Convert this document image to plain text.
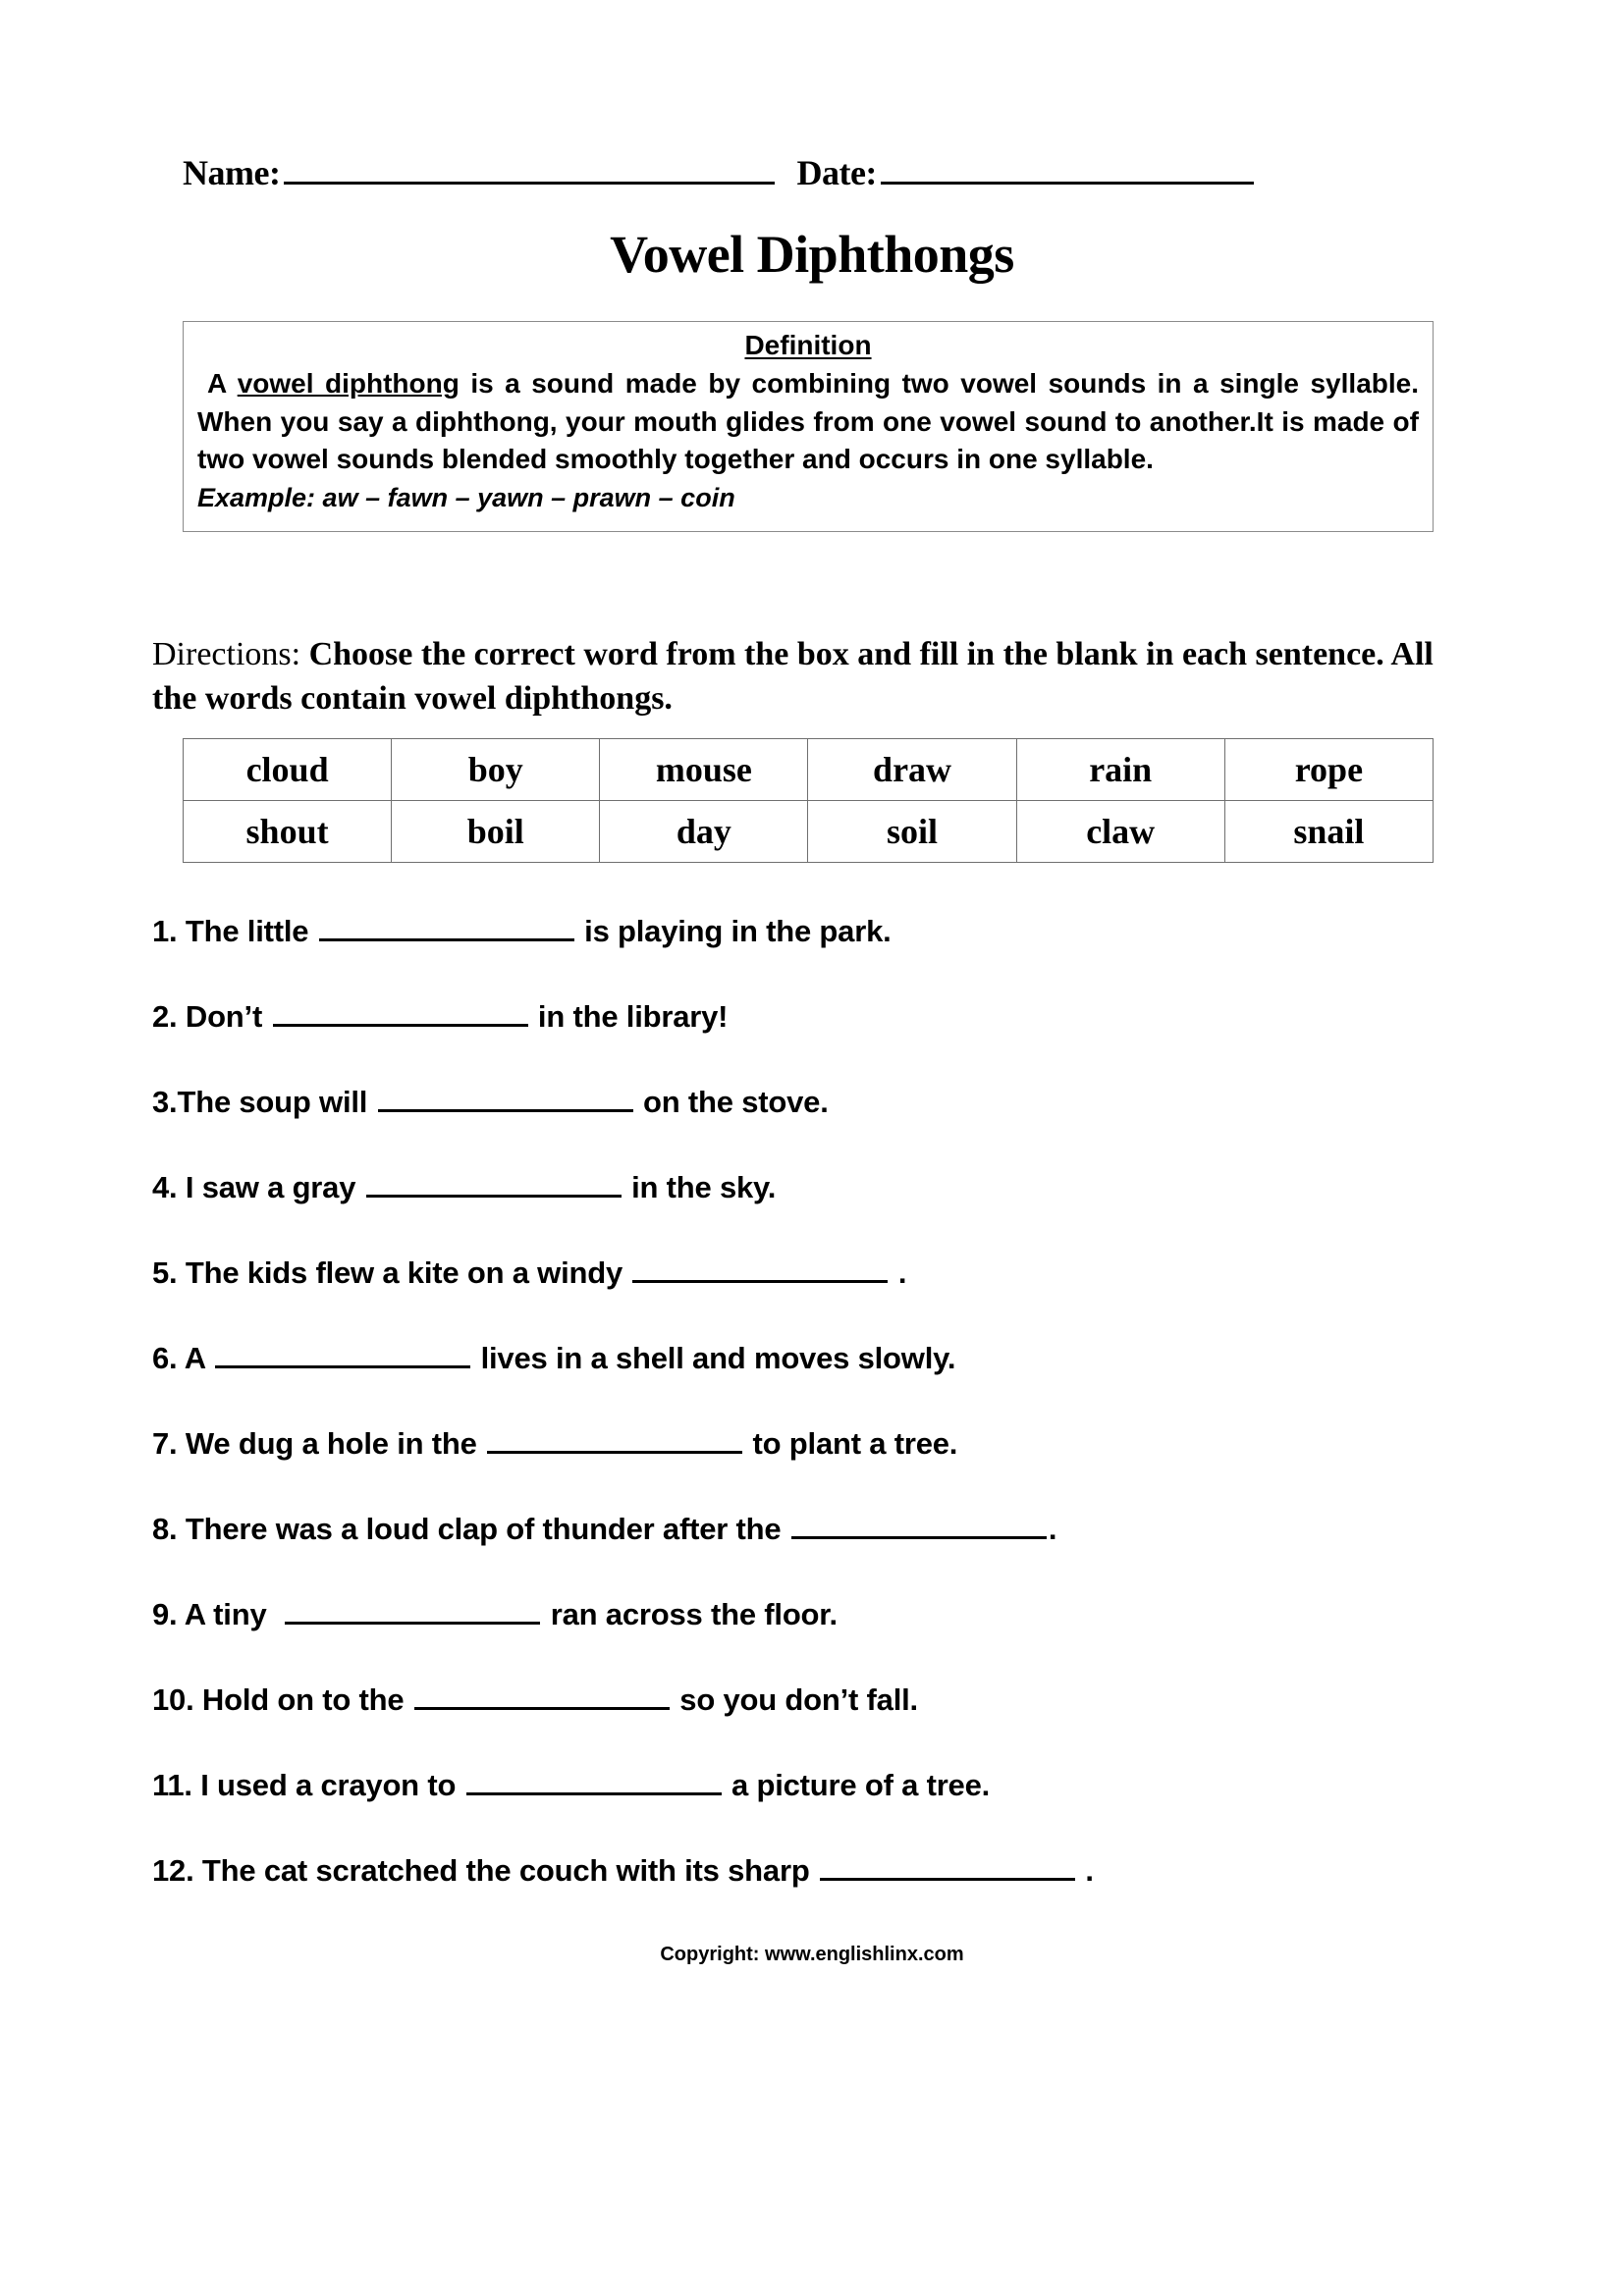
Name:	Date:
Vowel Diphthongs
Definition
A vowel diphthong is a sound made by combining two vowel sounds in a single syllable. When you say a diphthong, your mouth glides from one vowel sound to another.It is made of two vowel sounds blended smoothly together and occurs in one syllable.
Example: aw – fawn – yawn – prawn – coin
Directions: Choose the correct word from the box and fill in the blank in each sentence. All the words contain vowel diphthongs.
cloud	boy	mouse	draw	rain	rope
shout	boil	day	soil	claw	snail
1. The little	is playing in the park.
2. Don’t	in the library!
3.The soup will	on the stove.
4. I saw a gray	in the sky.
5. The kids flew a kite on a windy	.
6. A	lives in a shell and moves slowly.
7. We dug a hole in the	to plant a tree.
8. There was a loud clap of thunder after the	.
9. A tiny	ran across the floor.
10. Hold on to the	so you don’t fall.
11. I used a crayon to	a picture of a tree.
12. The cat scratched the couch with its sharp	.
Copyright: www.englishlinx.com
